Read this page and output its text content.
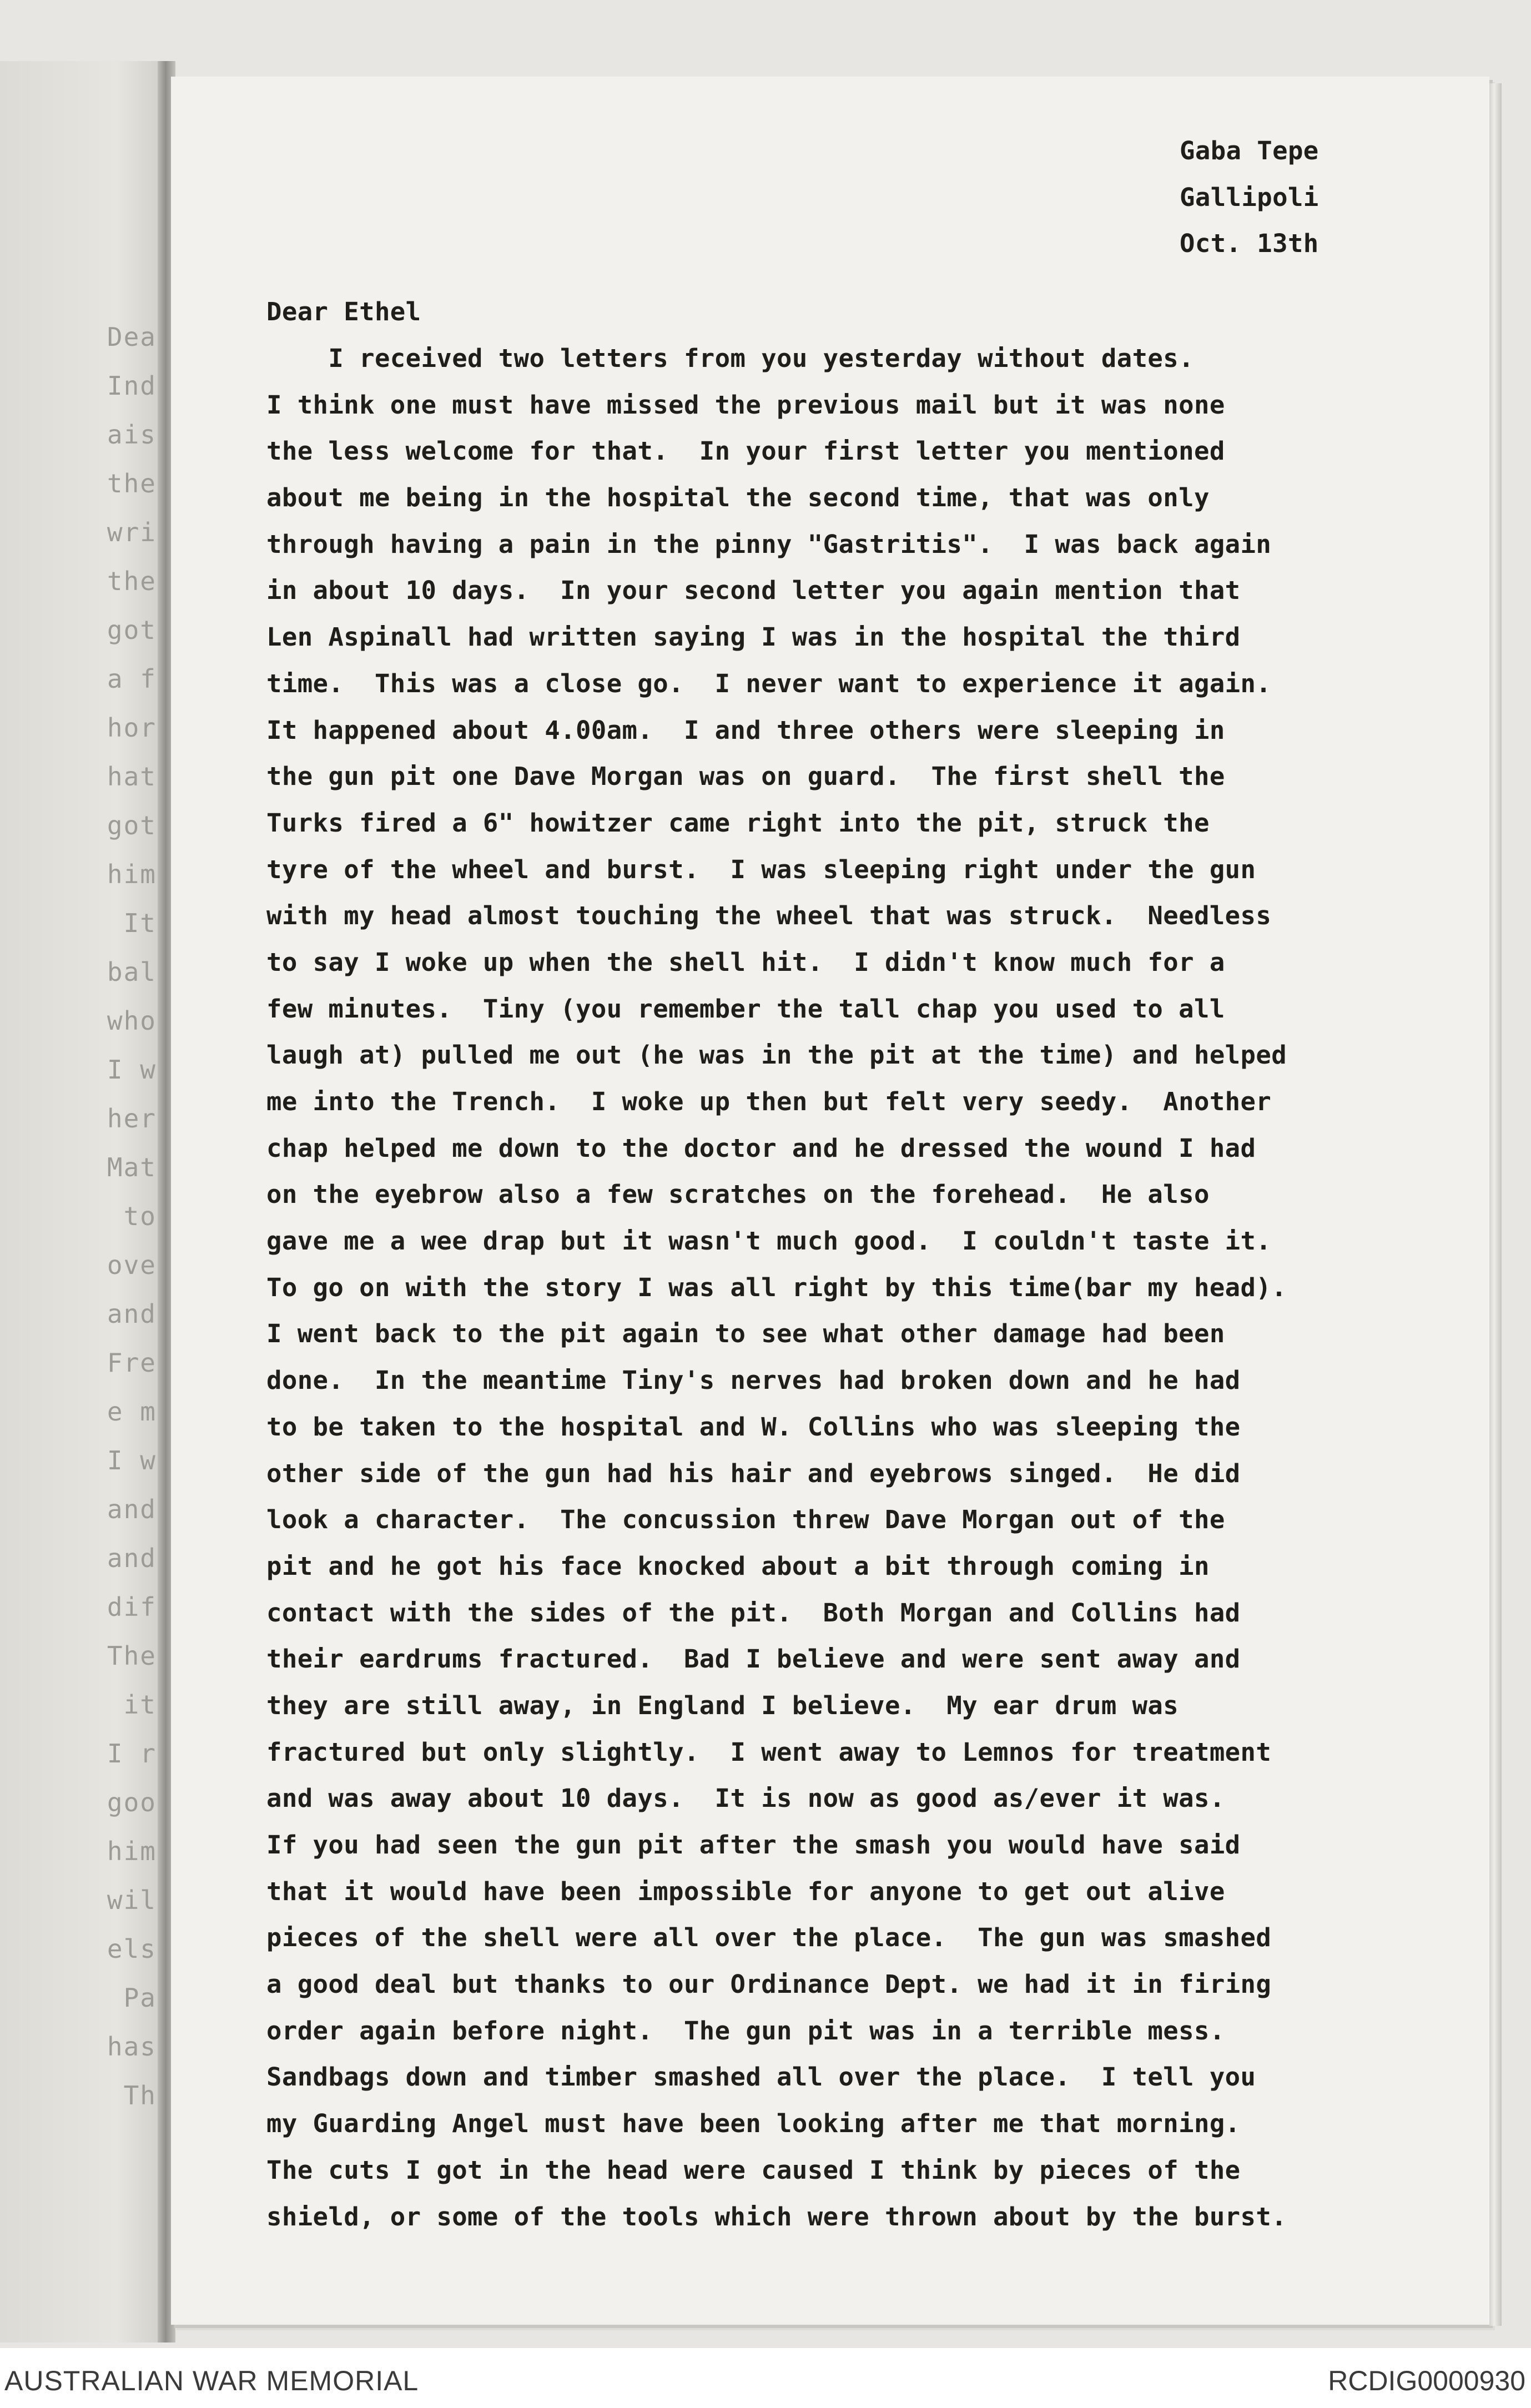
Dea
Ind
ais
the
wri
the
got
a f
hor
hat
got
him
It
bal
who
I w
her
Mat
to
ove
and
Fre
e m
I w
and
and
dif
The
it
I r
goo
him
wil
els
Pa
has
Th
Gaba Tepe
Gallipoli
Oct. 13th
Dear Ethel
I received two letters from you yesterday without dates.
I think one must have missed the previous mail but it was none
the less welcome for that.  In your first letter you mentioned
about me being in the hospital the second time, that was only
through having a pain in the pinny "Gastritis".  I was back again
in about 10 days.  In your second letter you again mention that
Len Aspinall had written saying I was in the hospital the third
time.  This was a close go.  I never want to experience it again.
It happened about 4.00am.  I and three others were sleeping in
the gun pit one Dave Morgan was on guard.  The first shell the
Turks fired a 6" howitzer came right into the pit, struck the
tyre of the wheel and burst.  I was sleeping right under the gun
with my head almost touching the wheel that was struck.  Needless
to say I woke up when the shell hit.  I didn't know much for a
few minutes.  Tiny (you remember the tall chap you used to all
laugh at) pulled me out (he was in the pit at the time) and helped
me into the Trench.  I woke up then but felt very seedy.  Another
chap helped me down to the doctor and he dressed the wound I had
on the eyebrow also a few scratches on the forehead.  He also
gave me a wee drap but it wasn't much good.  I couldn't taste it.
To go on with the story I was all right by this time(bar my head).
I went back to the pit again to see what other damage had been
done.  In the meantime Tiny's nerves had broken down and he had
to be taken to the hospital and W. Collins who was sleeping the
other side of the gun had his hair and eyebrows singed.  He did
look a character.  The concussion threw Dave Morgan out of the
pit and he got his face knocked about a bit through coming in
contact with the sides of the pit.  Both Morgan and Collins had
their eardrums fractured.  Bad I believe and were sent away and
they are still away, in England I believe.  My ear drum was
fractured but only slightly.  I went away to Lemnos for treatment
and was away about 10 days.  It is now as good as/ever it was.
If you had seen the gun pit after the smash you would have said
that it would have been impossible for anyone to get out alive
pieces of the shell were all over the place.  The gun was smashed
a good deal but thanks to our Ordinance Dept. we had it in firing
order again before night.  The gun pit was in a terrible mess.
Sandbags down and timber smashed all over the place.  I tell you
my Guarding Angel must have been looking after me that morning.
The cuts I got in the head were caused I think by pieces of the
shield, or some of the tools which were thrown about by the burst.
AUSTRALIAN WAR MEMORIAL	RCDIG0000930
